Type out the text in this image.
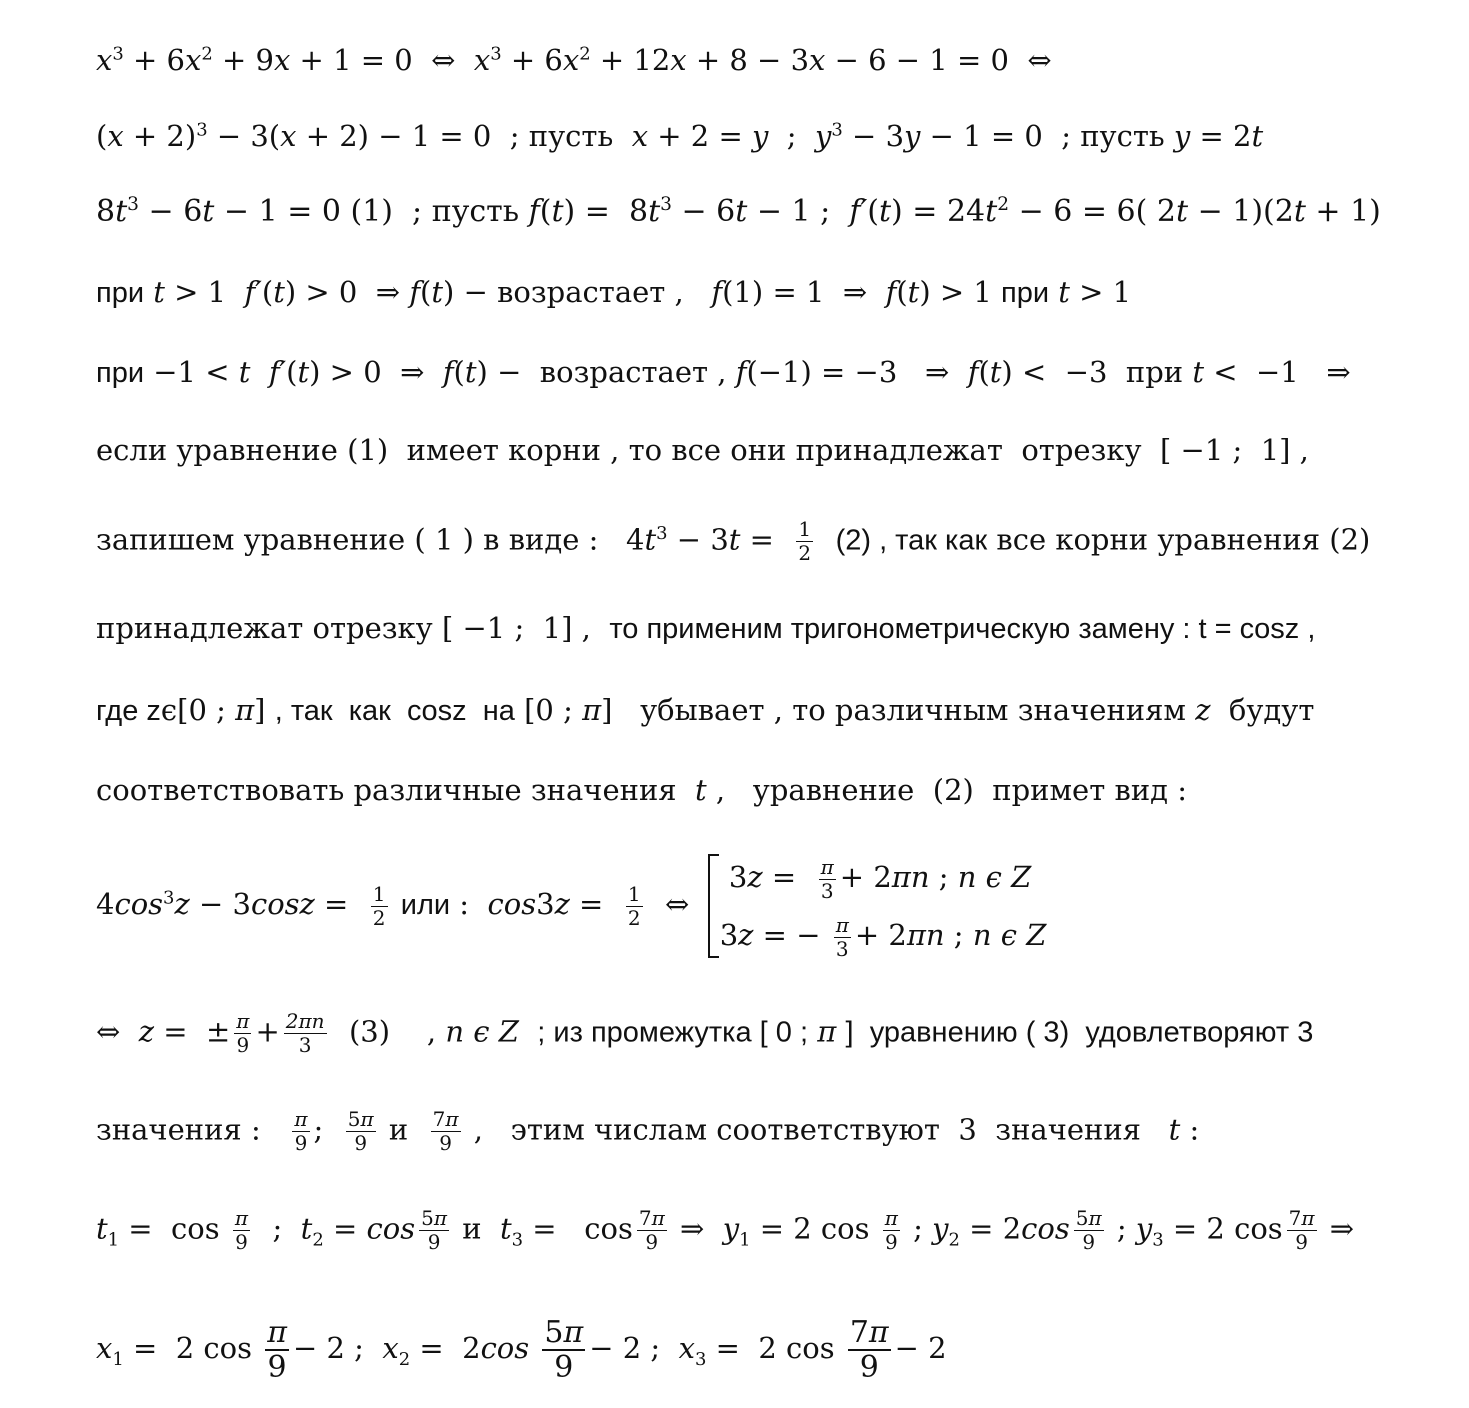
$x^3 + 6x^2 + 9x + 1 = 0$  ⇔  $x^3 + 6x^2 + 12x + 8 - 3x - 6 - 1 = 0$  ⇔
$(x + 2)^3 - 3(x + 2) - 1 = 0$  ; пусть  x + 2 = y  ;  $y^3 - 3y - 1 = 0$  ; пусть y = 2t
$8t^3 - 6t - 1 = 0$ (1)  ; пусть $f(t) = 8t^3 - 6t - 1$ ;  $f'(t) = 24t^2 - 6 = 6$( 2t − 1)(2t + 1)
при t > 1  f′(t) > 0  ⇒ f(t) − возрастает ,   f(1) = 1  ⇒  f(t) > 1 при t > 1
при −1 < t f′(t) > 0  ⇒  f(t) −  возрастает , f(−1) = −3   ⇒  f(t) <  −3  при t <  −1   ⇒
если уравнение (1)  имеет корни , то все они принадлежат  отрезку  [ −1 ;  1] ,
запишем уравнение ( 1 ) в виде :   $4t^3 - 3t = \frac{1}{2} (2)$ , так как все корни уравнения (2)
принадлежат отрезку [ −1 ;  1] ,  то применим тригонометрическую замену : t = cosz ,
где zϵ[0 ; π] , так  как  cosz  на [0 ; π]   убывает , то различным значениям z  будут
соответствовать различные значения  t ,   уравнение  (2)  примет вид :
$4\cos^3z - 3\cos z = \frac{1}{2}$ или :  $\cos 3z = \frac{1}{2}$ ⇔
$3z = \frac{\pi}{3} + 2\pi n$ ; n ϵ Z
3z = − $\frac{\pi}{3} + 2\pi n$ ; n ϵ Z
⇔  z =  ± $\frac{\pi}{9} + \frac{2\pi n}{3} (3)$    , n ϵ Z ; из промежутка [ 0 ; π ]  уравнению ( 3)  удовлетворяют 3
значения : $\frac{\pi}{9}$ ; $\frac{5\pi}{9}$ и $\frac{7\pi}{9}$ ,   этим числам соответствуют  3  значения   t :
$t_1 = \cos \frac{\pi}{9}$ ;  $t_2 = \cos \frac{5\pi}{9}$ и  $t_3 = \cos \frac{7\pi}{9}$ ⇒  $y_1 = 2$ $\cos \frac{\pi}{9}$ ; $y_2 = 2\cos \frac{5\pi}{9}$ ; $y_3 = 2$ $\cos \frac{7\pi}{9}$ ⇒
$x_1 = 2$ $\cos \frac{\pi}{9} - 2$ ;  $x_2 = 2\cos \frac{5\pi}{9} - 2$ ;  $x_3 = 2$ $\cos \frac{7\pi}{9} - 2$
